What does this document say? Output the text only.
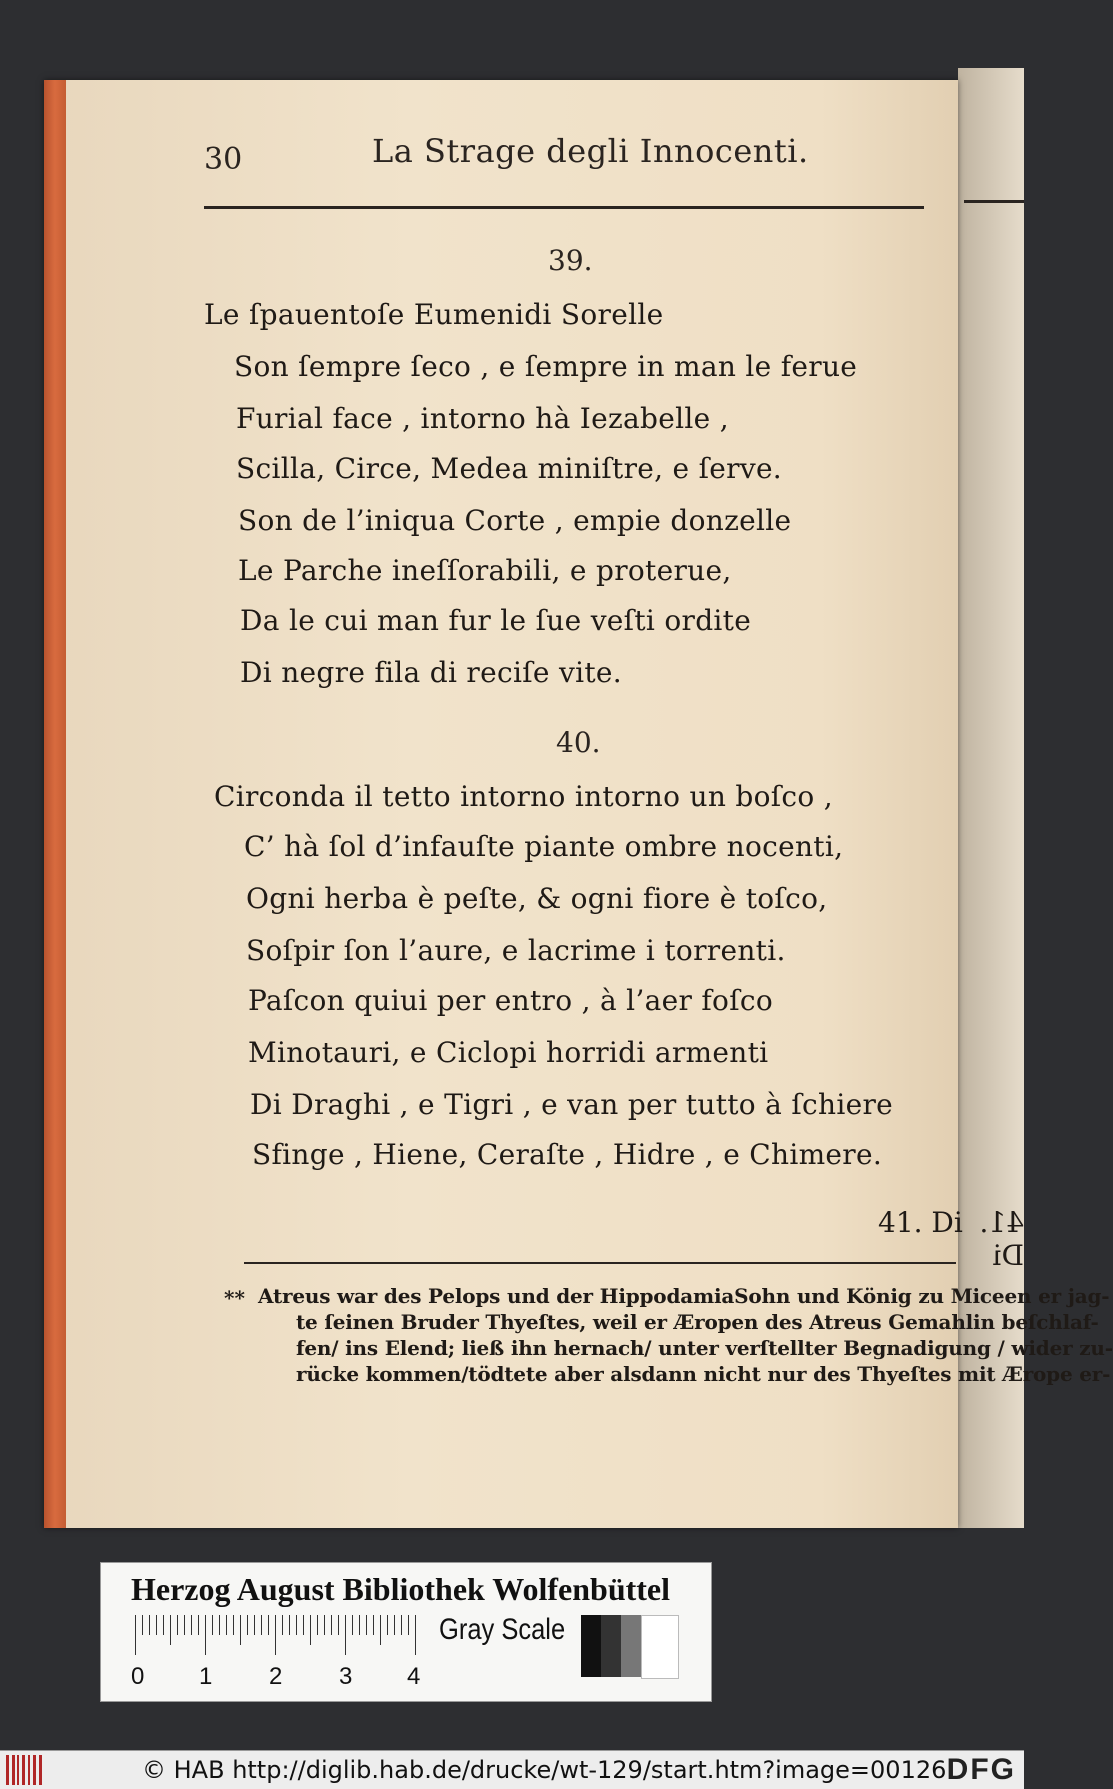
30	La Strage degli Innocenti.
39.
Le ſpauentoſe Eumenidi Sorelle
Son ſempre ſeco , e ſempre in man le ferue
Furial face , intorno hà Iezabelle ,
Scilla, Circe, Medea miniſtre, e ſerve.
Son de l’iniqua Corte , empie donzelle
Le Parche ineſſorabili, e proterue,
Da le cui man fur le ſue veſti ordite
Di negre fila di reciſe vite.
40.
Circonda il tetto intorno intorno un boſco ,
C’ hà ſol d’infauſte piante ombre nocenti,
Ogni herba è peſte, & ogni fiore è toſco,
Soſpir ſon l’aure, e lacrime i torrenti.
Paſcon quiui per entro , à l’aer foſco
Minotauri, e Ciclopi horridi armenti
Di Draghi , e Tigri , e van per tutto à ſchiere
Sfinge , Hiene, Ceraſte , Hidre , e Chimere.
41. Di 41. Di
** Atreus war des Pelops und der HippodamiaSohn und König zu Miceen er jag-
te ſeinen Bruder Thyeſtes, weil er Æropen des Atreus Gemahlin beſchlaf-
fen/ ins Elend; ließ ihn hernach/ unter verſtellter Begnadigung / wider zu-
rücke kommen/tödtete aber alsdann nicht nur des Thyeſtes mit Ærope er-
Herzog August Bibliothek Wolfenbüttel
0 1 2 3 4
Gray Scale
© HAB http://diglib.hab.de/drucke/wt-129/start.htm?image=00126 DFG
